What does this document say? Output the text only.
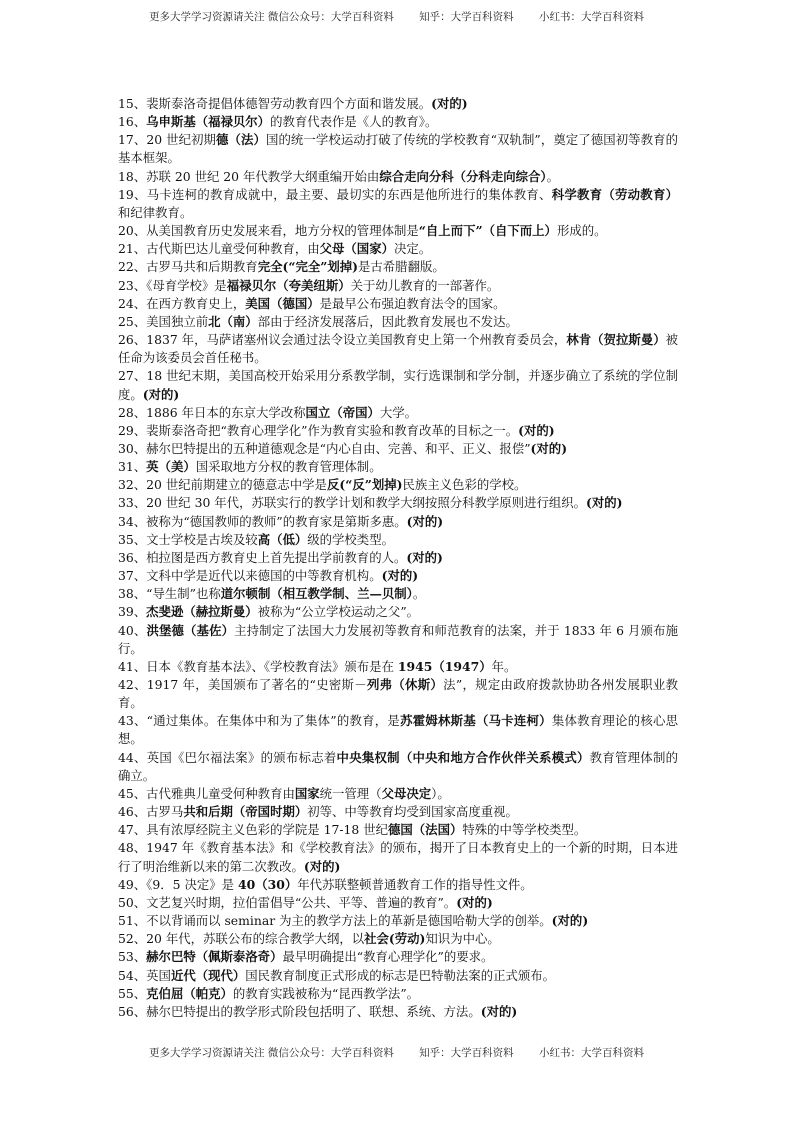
更多大学学习资源请关注 微信公众号：大学百科资料 知乎：大学百科资料 小红书：大学百科资料

15、裴斯泰洛奇提倡体德智劳动教育四个方面和谐发展。(对的)

16、乌申斯基（福禄贝尔）的教育代表作是《人的教育》。

17、20 世纪初期德（法）国的统一学校运动打破了传统的学校教育“双轨制”，奠定了德国初等教育的基本框架。

18、苏联 20 世纪 20 年代教学大纲重编开始由综合走向分科（分科走向综合）。

19、马卡连柯的教育成就中，最主要、最切实的东西是他所进行的集体教育、科学教育（劳动教育）和纪律教育。

20、从美国教育历史发展来看，地方分权的管理体制是“自上而下”（自下而上）形成的。

21、古代斯巴达儿童受何种教育，由父母（国家）决定。

22、古罗马共和后期教育完全(“完全”划掉)是古希腊翻版。

23、《母育学校》是福禄贝尔（夸美纽斯）关于幼儿教育的一部著作。

24、在西方教育史上，美国（德国）是最早公布强迫教育法令的国家。

25、美国独立前北（南）部由于经济发展落后，因此教育发展也不发达。

26、1837 年，马萨诸塞州议会通过法令设立美国教育史上第一个州教育委员会，林肯（贺拉斯曼）被任命为该委员会首任秘书。

27、18 世纪末期，美国高校开始采用分系教学制，实行选课制和学分制，并逐步确立了系统的学位制度。(对的)

28、1886 年日本的东京大学改称国立（帝国）大学。

29、裴斯泰洛奇把“教育心理学化”作为教育实验和教育改革的目标之一。(对的)

30、赫尔巴特提出的五种道德观念是“内心自由、完善、和平、正义、报偿”(对的)

31、英（美）国采取地方分权的教育管理体制。

32、20 世纪前期建立的德意志中学是反(“反”划掉)民族主义色彩的学校。

33、20 世纪 30 年代，苏联实行的教学计划和教学大纲按照分科教学原则进行组织。(对的)

34、被称为“德国教师的教师”的教育家是第斯多惠。(对的)

35、文士学校是古埃及较高（低）级的学校类型。

36、柏拉图是西方教育史上首先提出学前教育的人。(对的)

37、文科中学是近代以来德国的中等教育机构。(对的)

38、“导生制”也称道尔顿制（相互教学制、兰—贝制）。

39、杰斐逊（赫拉斯曼）被称为“公立学校运动之父”。

40、洪堡德（基佐）主持制定了法国大力发展初等教育和师范教育的法案，并于 1833 年 6 月颁布施行。

41、日本《教育基本法》、《学校教育法》颁布是在 1945（1947）年。

42、1917 年，美国颁布了著名的“史密斯－列弗（休斯）法”，规定由政府拨款协助各州发展职业教育。

43、“通过集体。在集体中和为了集体”的教育，是苏霍姆林斯基（马卡连柯）集体教育理论的核心思想。

44、英国《巴尔福法案》的颁布标志着中央集权制（中央和地方合作伙伴关系模式）教育管理体制的确立。

45、古代雅典儿童受何种教育由国家统一管理（父母决定）。

46、古罗马共和后期（帝国时期）初等、中等教育均受到国家高度重视。

47、具有浓厚经院主义色彩的学院是 17-18 世纪德国（法国）特殊的中等学校类型。

48、1947 年《教育基本法》和《学校教育法》的颁布，揭开了日本教育史上的一个新的时期，日本进行了明治维新以来的第二次教改。(对的)

49、《9．5 决定》是 40（30）年代苏联整顿普通教育工作的指导性文件。

50、文艺复兴时期，拉伯雷倡导“公共、平等、普遍的教育”。(对的)

51、不以背诵而以 seminar 为主的教学方法上的革新是德国哈勒大学的创举。(对的)

52、20 年代，苏联公布的综合教学大纲，以社会(劳动)知识为中心。

53、赫尔巴特（佩斯泰洛奇）最早明确提出“教育心理学化”的要求。

54、英国近代（现代）国民教育制度正式形成的标志是巴特勒法案的正式颁布。

55、克伯屈（帕克）的教育实践被称为“昆西教学法”。

56、赫尔巴特提出的教学形式阶段包括明了、联想、系统、方法。(对的)

更多大学学习资源请关注 微信公众号：大学百科资料 知乎：大学百科资料 小红书：大学百科资料
